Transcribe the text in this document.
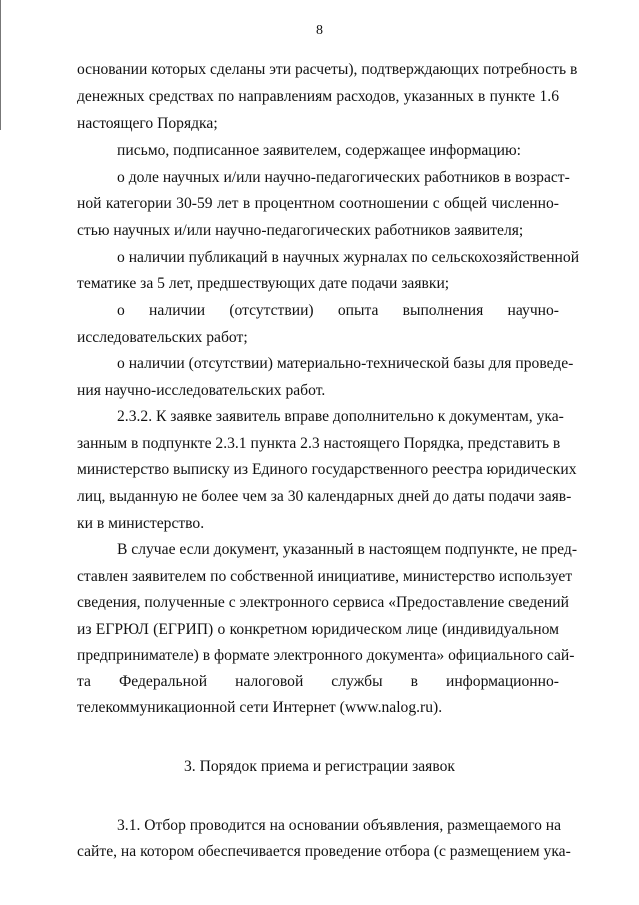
8
основании которых сделаны эти расчеты), подтверждающих потребность в
денежных средствах по направлениям расходов, указанных в пункте 1.6
настоящего Порядка;
письмо, подписанное заявителем, содержащее информацию:
о доле научных и/или научно-педагогических работников в возраст-
ной категории 30-59 лет в процентном соотношении с общей численно-
стью научных и/или научно-педагогических работников заявителя;
о наличии публикаций в научных журналах по сельскохозяйственной
тематике за 5 лет, предшествующих дате подачи заявки;
о наличии (отсутствии) опыта выполнения научно-
исследовательских работ;
о наличии (отсутствии) материально-технической базы для проведе-
ния научно-исследовательских работ.
2.3.2. К заявке заявитель вправе дополнительно к документам, ука-
занным в подпункте 2.3.1 пункта 2.3 настоящего Порядка, представить в
министерство выписку из Единого государственного реестра юридических
лиц, выданную не более чем за 30 календарных дней до даты подачи заяв-
ки в министерство.
В случае если документ, указанный в настоящем подпункте, не пред-
ставлен заявителем по собственной инициативе, министерство использует
сведения, полученные с электронного сервиса «Предоставление сведений
из ЕГРЮЛ (ЕГРИП) о конкретном юридическом лице (индивидуальном
предпринимателе) в формате электронного документа» официального сай-
та Федеральной налоговой службы в информационно-
телекоммуникационной сети Интернет (www.nalog.ru).
3. Порядок приема и регистрации заявок
3.1. Отбор проводится на основании объявления, размещаемого на
сайте, на котором обеспечивается проведение отбора (с размещением ука-
